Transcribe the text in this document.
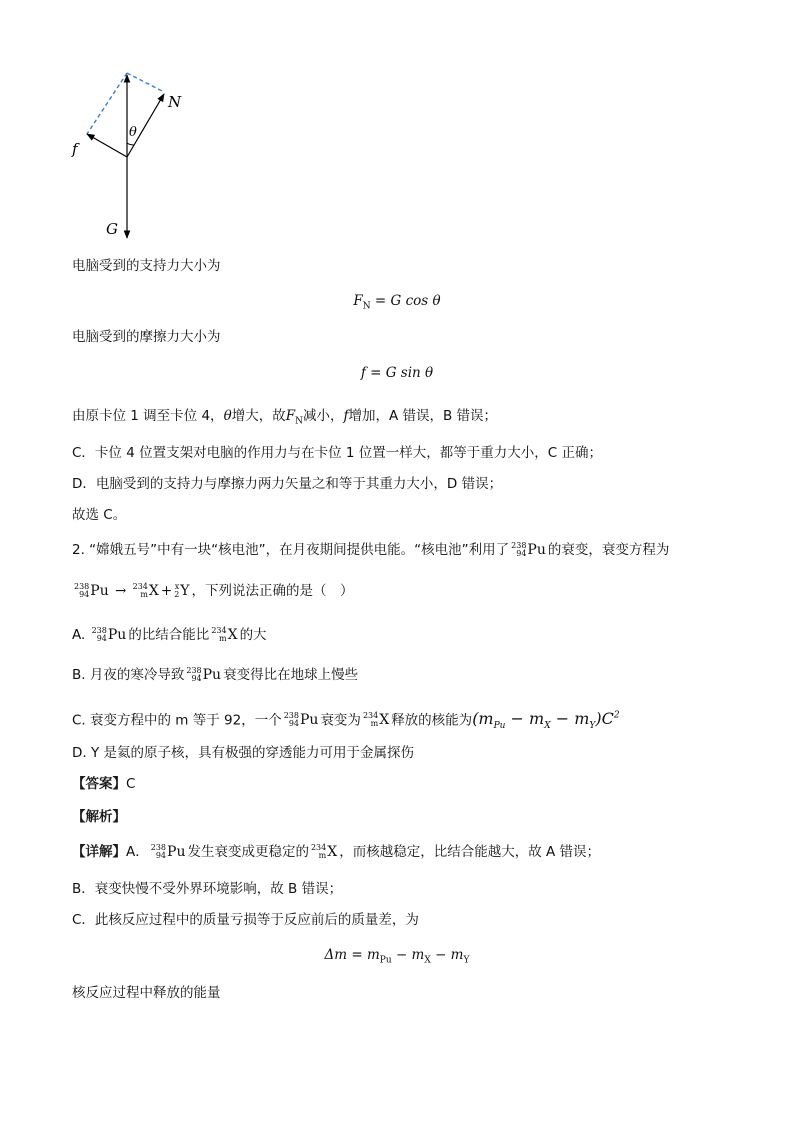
N
f
G
θ
电脑受到的支持力大小为
$F_N = G$ cos θ
电脑受到的摩擦力大小为
f = G sin θ
由原卡位 1 调至卡位 4，θ增大，故$F_N$减小，f增加，A 错误，B 错误；
C．卡位 4 位置支架对电脑的作用力与在卡位 1 位置一样大，都等于重力大小，C 正确；
D．电脑受到的支持力与摩擦力两力矢量之和等于其重力大小，D 错误；
故选 C。
2. “嫦娥五号”中有一块“核电池”，在月夜期间提供电能。“核电池”利用了 238
94 Pu 的衰变，衰变方程为
238
94 Pu → 234
m X + x
2 Y ，下列说法正确的是（　）
A. 238
94 Pu 的比结合能比 234
m X 的大
B. 月夜的寒冷导致 238
94 Pu 衰变得比在地球上慢些
C. 衰变方程中的 m 等于 92，一个 238
94 Pu 衰变为 234
m X 释放的核能为$(m_{Pu} - m_X - m_Y)C^2$
D. Y 是氦的原子核，具有极强的穿透能力可用于金属探伤
【答案】C
【解析】
【详解】A． 238
94 Pu 发生衰变成更稳定的 234
m X ，而核越稳定，比结合能越大，故 A 错误；
B．衰变快慢不受外界环境影响，故 B 错误；
C．此核反应过程中的质量亏损等于反应前后的质量差，为
$\Delta m = m_{Pu} - m_X - m_Y$
核反应过程中释放的能量
